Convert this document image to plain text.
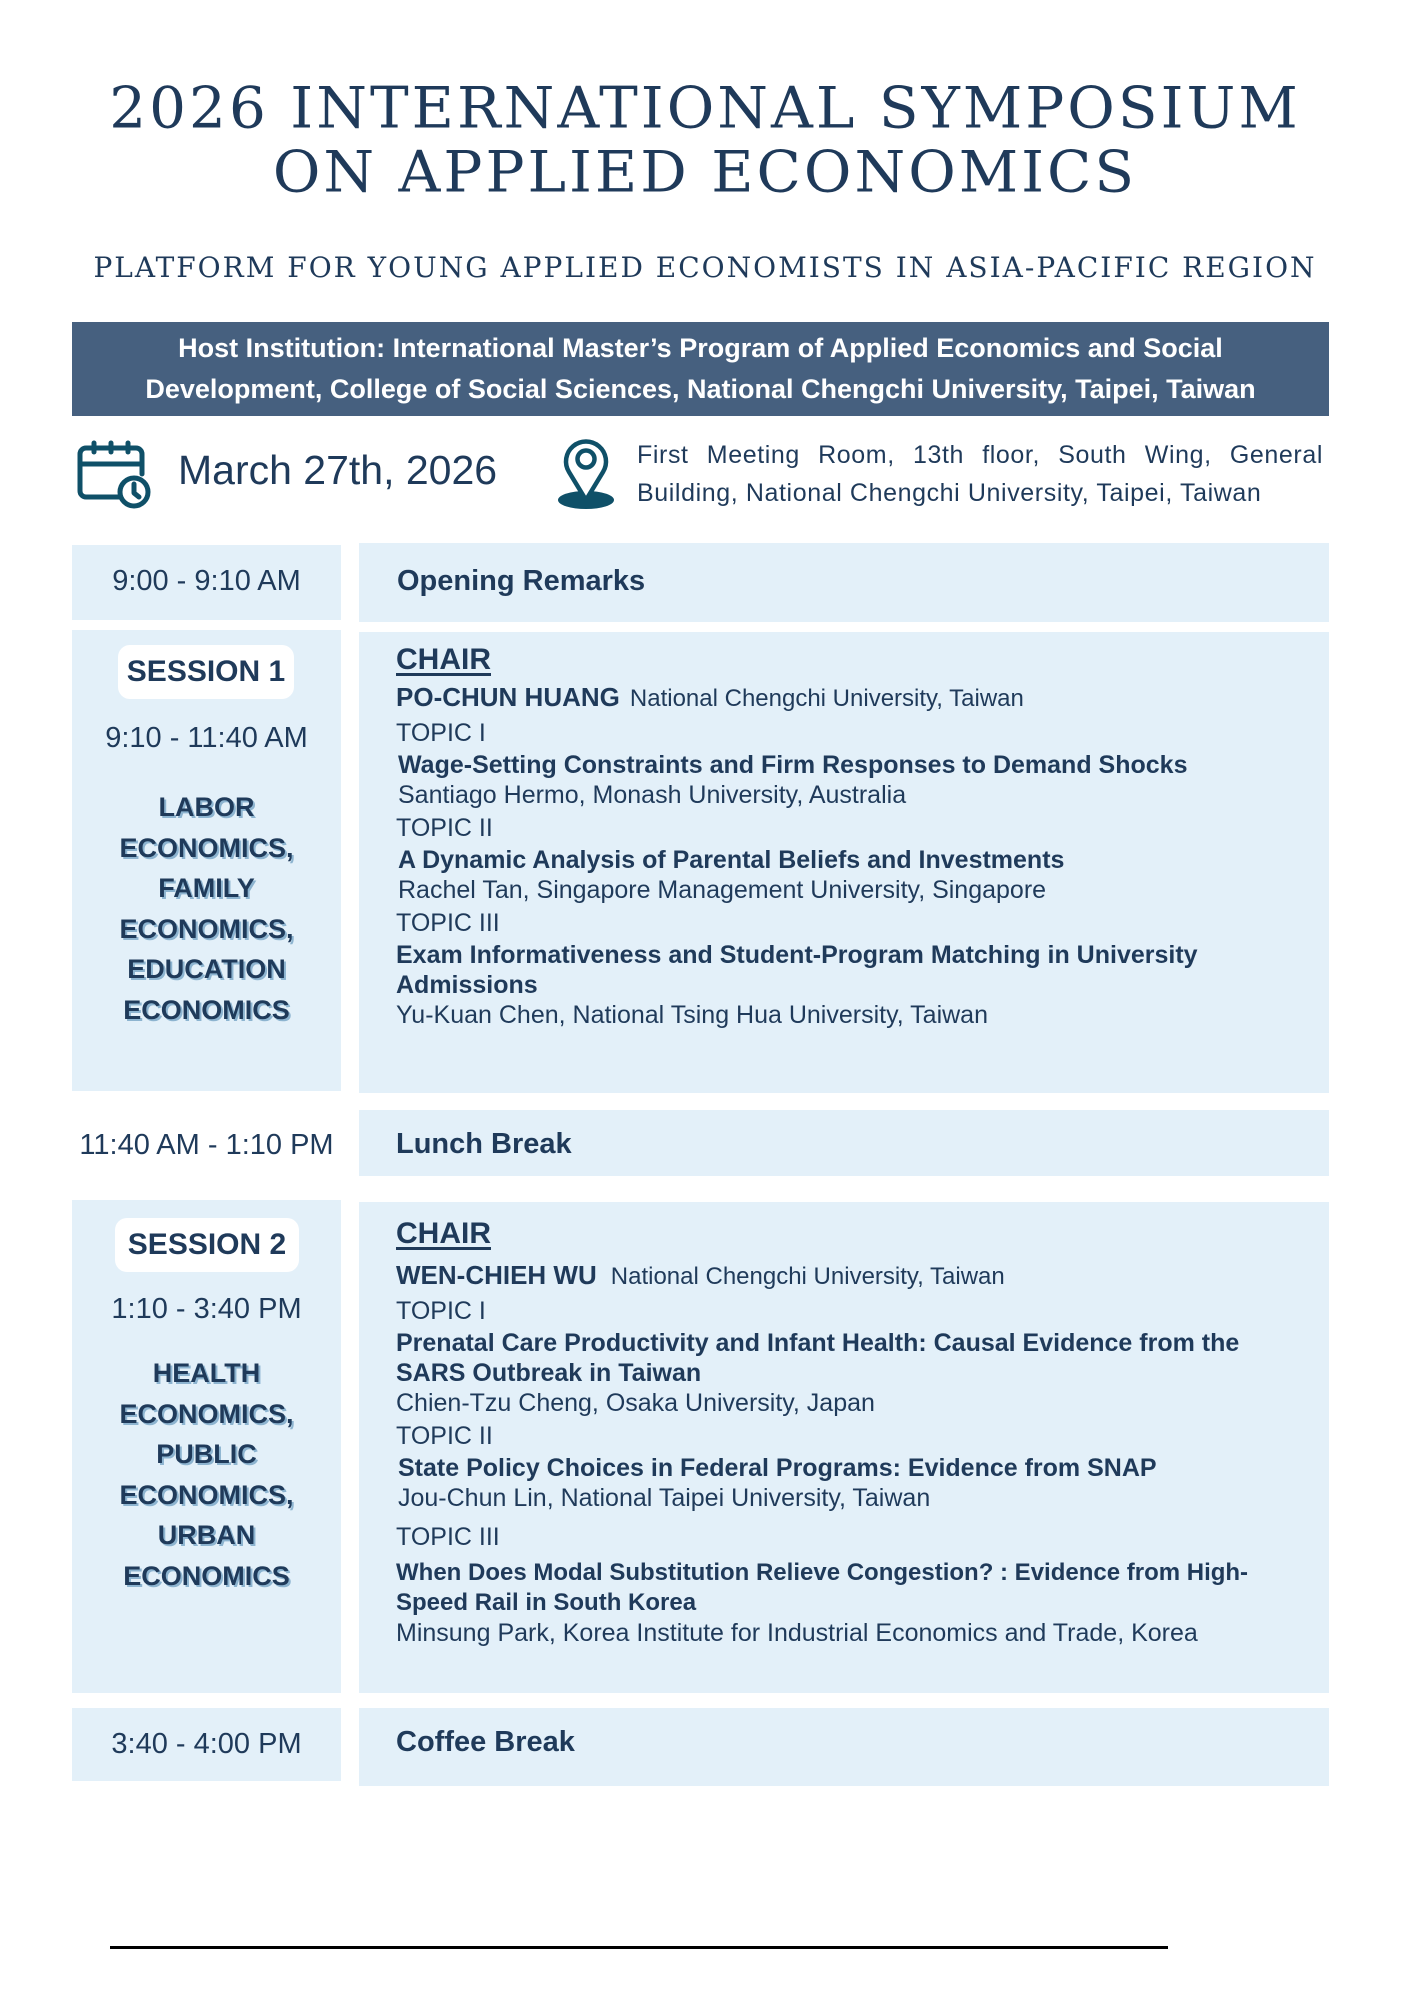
2026 INTERNATIONAL SYMPOSIUM
ON APPLIED ECONOMICS
PLATFORM FOR YOUNG APPLIED ECONOMISTS IN ASIA-PACIFIC REGION
Host Institution: International Master’s Program of Applied Economics and Social
Development, College of Social Sciences, National Chengchi University, Taipei, Taiwan
March 27th, 2026	First Meeting Room, 13th floor, South Wing, General
Building, National Chengchi University, Taipei, Taiwan
9:00 - 9:10 AM	Opening Remarks
SESSION 1
9:10 - 11:40 AM
LABOR
ECONOMICS,
FAMILY
ECONOMICS,
EDUCATION
ECONOMICS
CHAIR
PO-CHUN HUANG National Chengchi University, Taiwan
TOPIC I
Wage-Setting Constraints and Firm Responses to Demand Shocks
Santiago Hermo, Monash University, Australia
TOPIC II
A Dynamic Analysis of Parental Beliefs and Investments
Rachel Tan, Singapore Management University, Singapore
TOPIC III
Exam Informativeness and Student-Program Matching in University Admissions
Yu-Kuan Chen, National Tsing Hua University, Taiwan
11:40 AM - 1:10 PM Lunch Break
SESSION 2
1:10 - 3:40 PM
HEALTH
ECONOMICS,
PUBLIC
ECONOMICS,
URBAN
ECONOMICS
CHAIR
WEN-CHIEH WU National Chengchi University, Taiwan
TOPIC I
Prenatal Care Productivity and Infant Health: Causal Evidence from the SARS Outbreak in Taiwan
Chien-Tzu Cheng, Osaka University, Japan
TOPIC II
State Policy Choices in Federal Programs: Evidence from SNAP
Jou-Chun Lin, National Taipei University, Taiwan
TOPIC III
When Does Modal Substitution Relieve Congestion? : Evidence from High-Speed Rail in South Korea
Minsung Park, Korea Institute for Industrial Economics and Trade, Korea
3:40 - 4:00 PM	Coffee Break
